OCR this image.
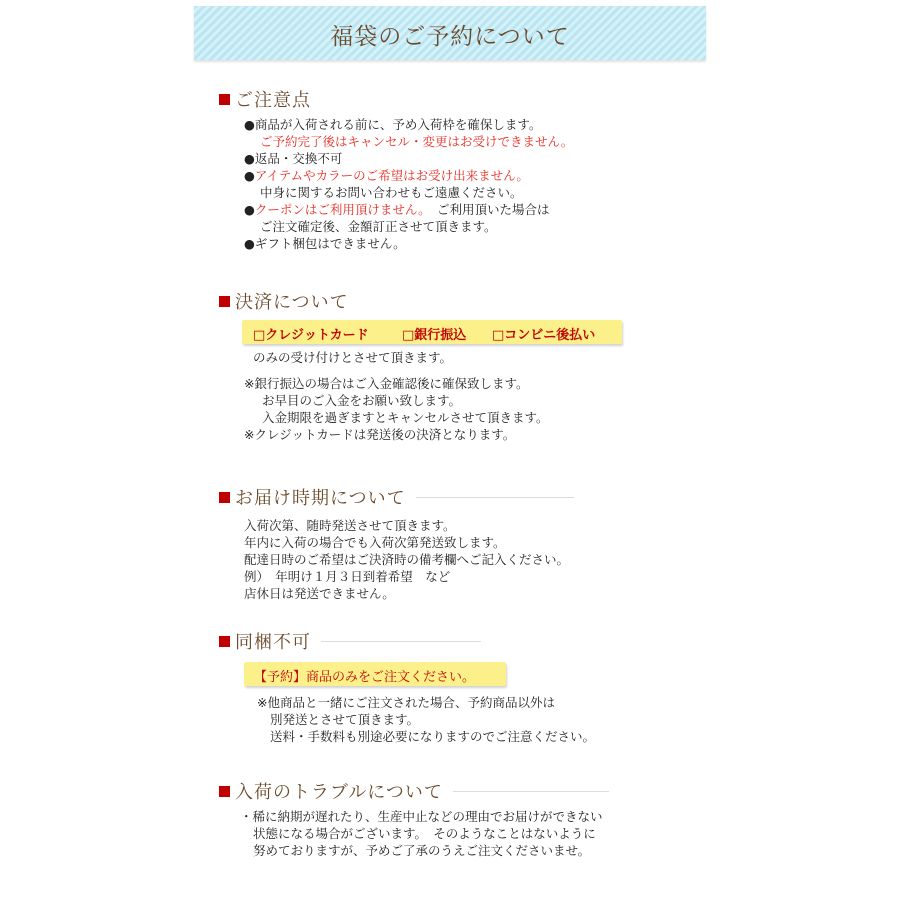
福袋のご予約について
ご注意点
●商品が入荷される前に、予め入荷枠を確保します。
ご予約完了後はキャンセル・変更はお受けできません。
●返品・交換不可
●アイテムやカラーのご希望はお受け出来ません。
中身に関するお問い合わせもご遠慮ください。
●クーポンはご利用頂けません。　ご利用頂いた場合は
ご注文確定後、金額訂正させて頂きます。
●ギフト梱包はできません。
決済について
□クレジットカード	□銀行振込 □コンビニ後払い
のみの受け付けとさせて頂きます。
※銀行振込の場合はご入金確認後に確保致します。
お早目のご入金をお願い致します。
入金期限を過ぎますとキャンセルさせて頂きます。
※クレジットカードは発送後の決済となります。
お届け時期について
入荷次第、随時発送させて頂きます。
年内に入荷の場合でも入荷次第発送致します。
配達日時のご希望はご決済時の備考欄へご記入ください。
例）　年明け１月３日到着希望　など
店休日は発送できません。
同梱不可
【予約】商品のみをご注文ください。
※他商品と一緒にご注文された場合、予約商品以外は
別発送とさせて頂きます。
送料・手数料も別途必要になりますのでご注意ください。
入荷のトラブルについて
・稀に納期が遅れたり、生産中止などの理由でお届けができない
状態になる場合がございます。　そのようなことはないように
努めておりますが、予めご了承のうえご注文くださいませ。
